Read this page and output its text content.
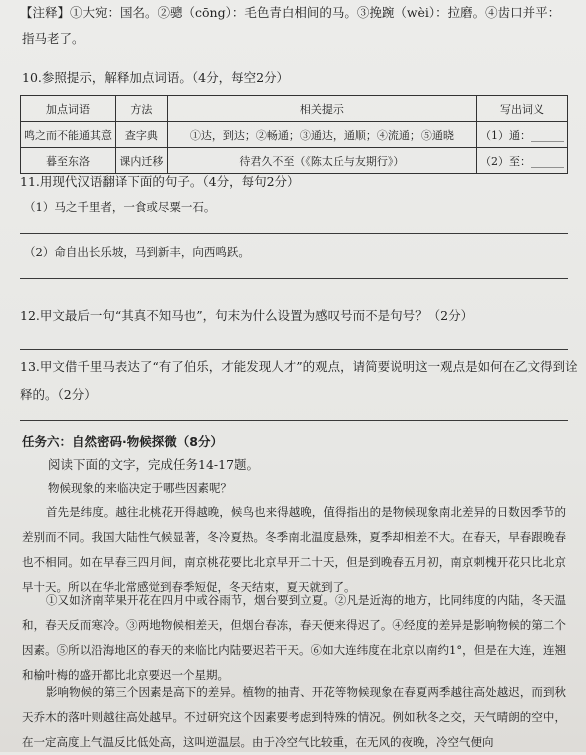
【注释】①大宛：国名。②骢（cōng）：毛色青白相间的马。③挽踠（wèi）：拉磨。④齿口并平：
指马老了。
10.参照提示，解释加点词语。（4分，每空2分）
加点词语	方法	相关提示	写出词义
鸣之而不能通其意	查字典	①达，到达；②畅通；③通达，通顺；④流通；⑤通晓	（1）通：______
暮至东洛	课内迁移	待君久不至（《陈太丘与友期行》）	（2）至：______
11.用现代汉语翻译下面的句子。（4分，每句2分）
（1）马之千里者，一食或尽粟一石。
（2）命自出长乐坡，马到新丰，向西鸣跃。
12.甲文最后一句“其真不知马也”，句末为什么设置为感叹号而不是句号？（2分）
13.甲文借千里马表达了“有了伯乐，才能发现人才”的观点，请简要说明这一观点是如何在乙文得到诠
释的。（2分）
任务六：自然密码·物候探微（8分）
阅读下面的文字，完成任务14-17题。
物候现象的来临决定于哪些因素呢？
首先是纬度。越往北桃花开得越晚，候鸟也来得越晚，值得指出的是物候现象南北差异的日数因季节的差别而不同。我国大陆性气候显著，冬冷夏热。冬季南北温度悬殊，夏季却相差不大。在春天，早春跟晚春也不相同。如在早春三四月间，南京桃花要比北京早开二十天，但是到晚春五月初，南京刺槐开花只比北京早十天。所以在华北常感觉到春季短促，冬天结束，夏天就到了。
①又如济南苹果开花在四月中或谷雨节，烟台要到立夏。②凡是近海的地方，比同纬度的内陆，冬天温和，春天反而寒冷。③两地物候相差天，但烟台春冻，春天便来得迟了。④经度的差异是影响物候的第二个因素。⑤所以沿海地区的春天的来临比内陆要迟若干天。⑥如大连纬度在北京以南约1°，但是在大连，连翘和榆叶梅的盛开都比北京要迟一个星期。
影响物候的第三个因素是高下的差异。植物的抽青、开花等物候现象在春夏两季越往高处越迟，而到秋天乔木的落叶则越往高处越早。不过研究这个因素要考虑到特殊的情况。例如秋冬之交，天气晴朗的空中，在一定高度上气温反比低处高，这叫逆温层。由于冷空气比较重，在无风的夜晚，冷空气便向
